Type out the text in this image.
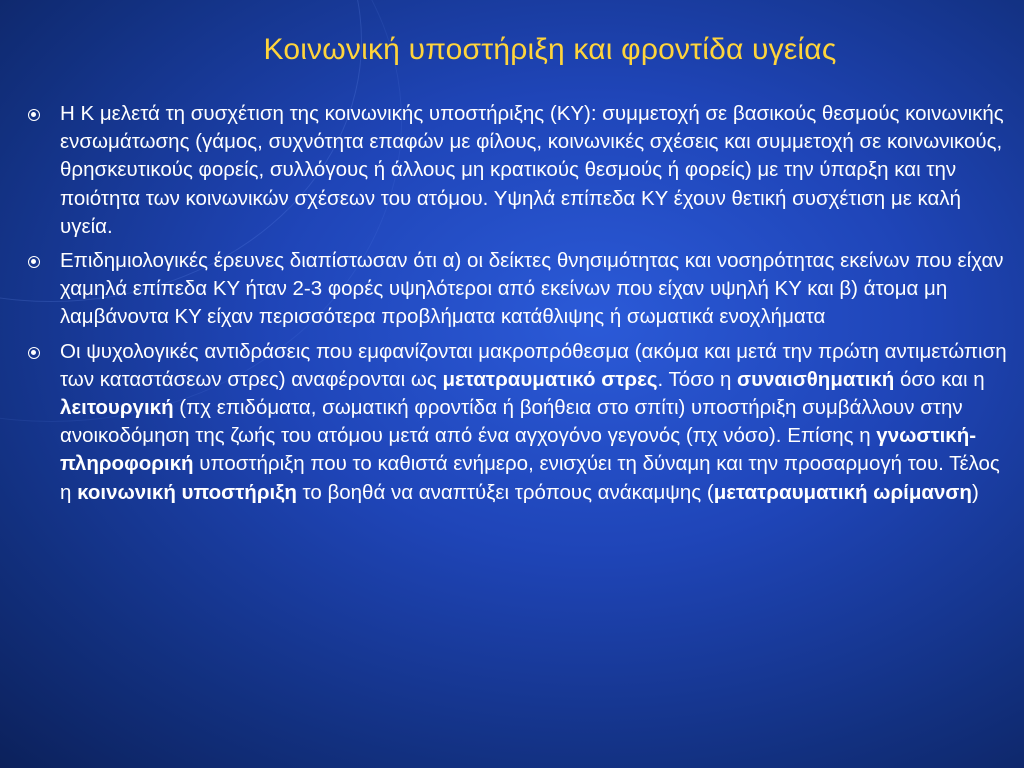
Κοινωνική υποστήριξη και φροντίδα υγείας
Η Κ μελετά τη συσχέτιση της κοινωνικής υποστήριξης (ΚΥ): συμμετοχή σε βασικούς θεσμούς κοινωνικής ενσωμάτωσης (γάμος, συχνότητα επαφών με φίλους, κοινωνικές σχέσεις και συμμετοχή σε κοινωνικούς, θρησκευτικούς φορείς, συλλόγους ή άλλους μη κρατικούς θεσμούς ή φορείς) με την ύπαρξη και την ποιότητα των κοινωνικών σχέσεων του ατόμου. Υψηλά επίπεδα ΚΥ έχουν θετική συσχέτιση με καλή υγεία.
Επιδημιολογικές έρευνες διαπίστωσαν ότι α) οι δείκτες θνησιμότητας και νοσηρότητας εκείνων που είχαν χαμηλά επίπεδα ΚΥ ήταν 2-3 φορές υψηλότεροι από εκείνων που είχαν υψηλή ΚΥ και β) άτομα μη λαμβάνοντα ΚΥ είχαν περισσότερα προβλήματα κατάθλιψης ή σωματικά ενοχλήματα
Οι ψυχολογικές αντιδράσεις που εμφανίζονται μακροπρόθεσμα (ακόμα και μετά την πρώτη αντιμετώπιση των καταστάσεων στρες) αναφέρονται ως μετατραυματικό στρες. Τόσο η συναισθηματική όσο και η λειτουργική (πχ επιδόματα, σωματική φροντίδα ή βοήθεια στο σπίτι) υποστήριξη συμβάλλουν στην ανοικοδόμηση της ζωής του ατόμου μετά από ένα αγχογόνο γεγονός (πχ νόσο). Επίσης η γνωστική- πληροφορική υποστήριξη που το καθιστά ενήμερο, ενισχύει τη δύναμη και την προσαρμογή του. Τέλος η κοινωνική υποστήριξη το βοηθά να αναπτύξει τρόπους ανάκαμψης (μετατραυματική ωρίμανση)
